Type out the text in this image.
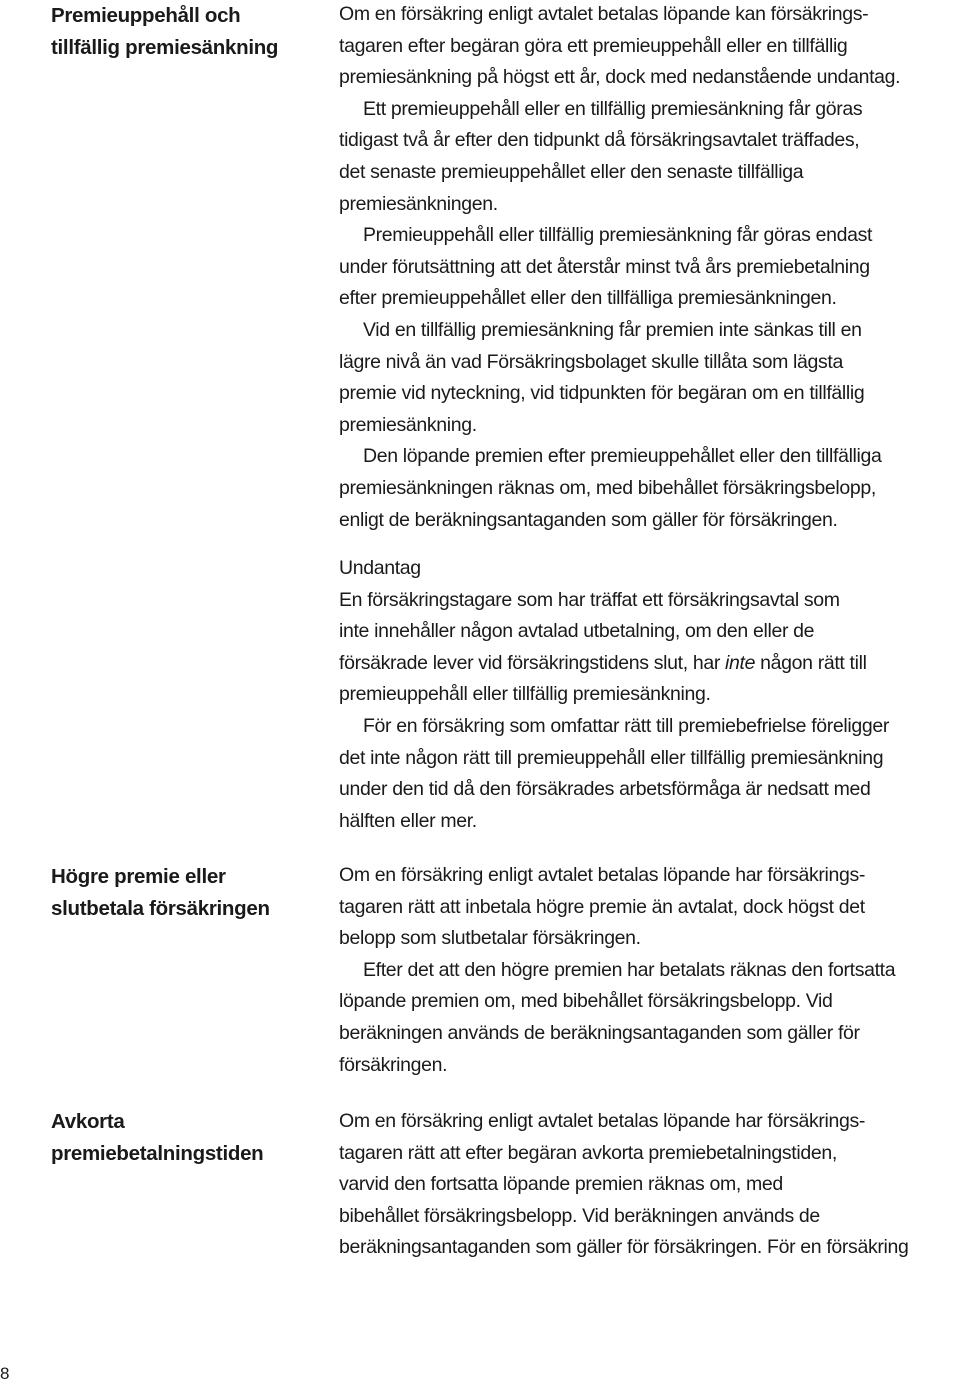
Premieuppehåll och
tillfällig premiesänkning

Om en försäkring enligt avtalet betalas löpande kan försäkrings-
tagaren efter begäran göra ett premieuppehåll eller en tillfällig
premiesänkning på högst ett år, dock med nedanstående undantag.

Ett premieuppehåll eller en tillfällig premiesänkning får göras
tidigast två år efter den tidpunkt då försäkringsavtalet träffades,
det senaste premieuppehållet eller den senaste tillfälliga
premiesänkningen.

Premieuppehåll eller tillfällig premiesänkning får göras endast
under förutsättning att det återstår minst två års premiebetalning
efter premieuppehållet eller den tillfälliga premiesänkningen.

Vid en tillfällig premiesänkning får premien inte sänkas till en
lägre nivå än vad Försäkringsbolaget skulle tillåta som lägsta
premie vid nyteckning, vid tidpunkten för begäran om en tillfällig
premiesänkning.

Den löpande premien efter premieuppehållet eller den tillfälliga
premiesänkningen räknas om, med bibehållet försäkringsbelopp,
enligt de beräkningsantaganden som gäller för försäkringen.

Undantag

En försäkringstagare som har träffat ett försäkringsavtal som
inte innehåller någon avtalad utbetalning, om den eller de
försäkrade lever vid försäkringstidens slut, har inte någon rätt till
premieuppehåll eller tillfällig premiesänkning.

För en försäkring som omfattar rätt till premiebefrielse föreligger
det inte någon rätt till premieuppehåll eller tillfällig premiesänkning
under den tid då den försäkrades arbetsförmåga är nedsatt med
hälften eller mer.

Högre premie eller
slutbetala försäkringen

Om en försäkring enligt avtalet betalas löpande har försäkrings-
tagaren rätt att inbetala högre premie än avtalat, dock högst det
belopp som slutbetalar försäkringen.

Efter det att den högre premien har betalats räknas den fortsatta
löpande premien om, med bibehållet försäkringsbelopp. Vid
beräkningen används de beräkningsantaganden som gäller för
försäkringen.

Avkorta
premiebetalningstiden

Om en försäkring enligt avtalet betalas löpande har försäkrings-
tagaren rätt att efter begäran avkorta premiebetalningstiden,
varvid den fortsatta löpande premien räknas om, med
bibehållet försäkringsbelopp. Vid beräkningen används de
beräkningsantaganden som gäller för försäkringen. För en försäkring

8
